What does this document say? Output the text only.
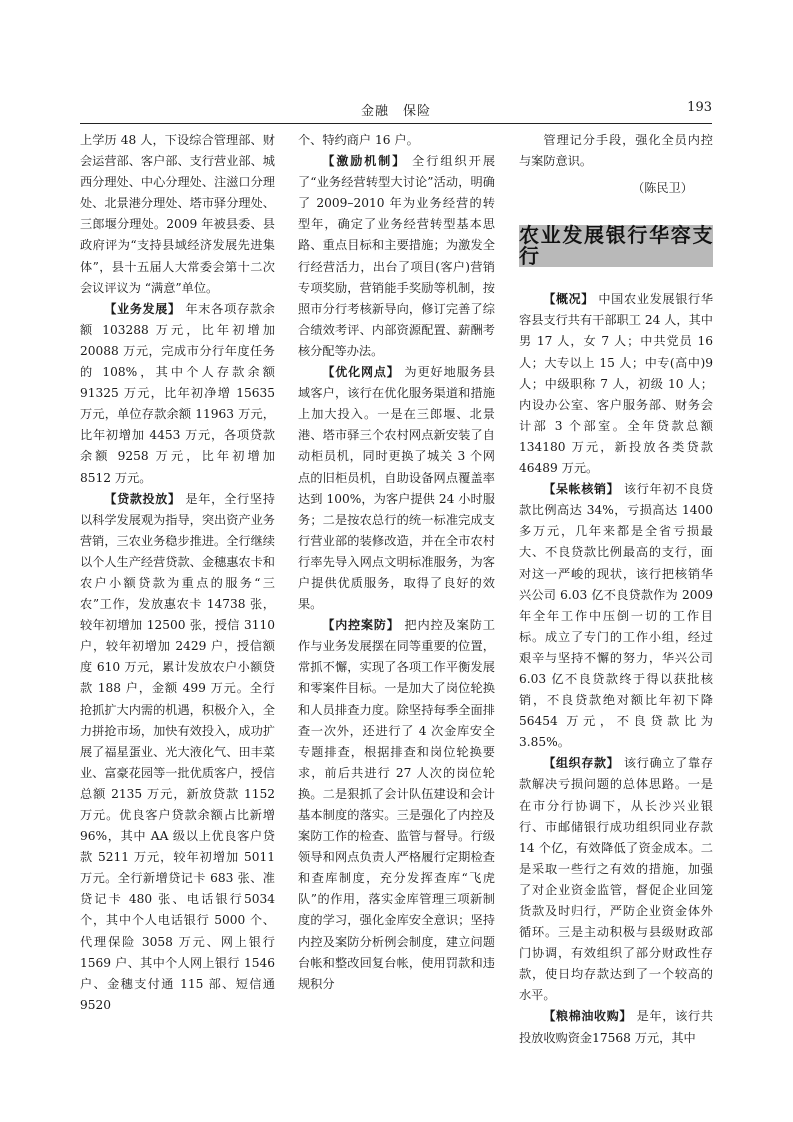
金融　保险	193

上学历 48 人，下设综合管理部、财会运营部、客户部、支行营业部、城西分理处、中心分理处、注滋口分理处、北景港分理处、塔市驿分理处、三郎堰分理处。2009 年被县委、县政府评为“支持县域经济发展先进集体”，县十五届人大常委会第十二次会议评议为 “满意”单位。

【业务发展】 年末各项存款余额 103288 万元，比年初增加 20088 万元，完成市分行年度任务的 108%，其中个人存款余额 91325 万元，比年初净增 15635 万元，单位存款余额 11963 万元，比年初增加 4453 万元，各项贷款余额 9258 万元，比年初增加 8512 万元。

【贷款投放】 是年，全行坚持以科学发展观为指导，突出资产业务营销，三农业务稳步推进。全行继续以个人生产经营贷款、金穗惠农卡和农户小额贷款为重点的服务“三农”工作，发放惠农卡 14738 张，较年初增加 12500 张，授信 3110 户，较年初增加 2429 户，授信额度 610 万元，累计发放农户小额贷款 188 户，金额 499 万元。全行抢抓扩大内需的机遇，积极介入，全力拼抢市场，加快有效投入，成功扩展了福星蛋业、光大液化气、田丰菜业、富豪花园等一批优质客户，授信总额 2135 万元，新放贷款 1152 万元。优良客户贷款余额占比新增 96%，其中 AA 级以上优良客户贷款 5211 万元，较年初增加 5011 万元。全行新增贷记卡 683 张、准贷记卡 480 张、电话银行5034 个，其中个人电话银行 5000 个、代理保险 3058 万元、网上银行 1569 户、其中个人网上银行 1546 户、金穗支付通 115 部、短信通 9520

个、特约商户 16 户。

【激励机制】 全行组织开展了“业务经营转型大讨论”活动，明确了 2009–2010 年为业务经营的转型年，确定了业务经营转型基本思路、重点目标和主要措施；为激发全行经营活力，出台了项目(客户)营销专项奖励，营销能手奖励等机制，按照市分行考核新导向，修订完善了综合绩效考评、内部资源配置、薪酬考核分配等办法。

【优化网点】 为更好地服务县域客户，该行在优化服务渠道和措施上加大投入。一是在三郎堰、北景港、塔市驿三个农村网点新安装了自动柜员机，同时更换了城关 3 个网点的旧柜员机，自助设备网点覆盖率达到 100%，为客户提供 24 小时服务；二是按农总行的统一标准完成支行营业部的装修改造，并在全市农村行率先导入网点文明标准服务，为客户提供优质服务，取得了良好的效果。

【内控案防】 把内控及案防工作与业务发展摆在同等重要的位置，常抓不懈，实现了各项工作平衡发展和零案件目标。一是加大了岗位轮换和人员排查力度。除坚持每季全面排查一次外，还进行了 4 次金库安全专题排查，根据排查和岗位轮换要求，前后共进行 27 人次的岗位轮换。二是狠抓了会计队伍建设和会计基本制度的落实。三是强化了内控及案防工作的检查、监管与督导。行级领导和网点负责人严格履行定期检查和查库制度，充分发挥查库“飞虎队”的作用，落实金库管理三项新制度的学习，强化金库安全意识；坚持内控及案防分析例会制度，建立问题台帐和整改回复台帐，使用罚款和违规积分

管理记分手段，强化全员内控与案防意识。

（陈民卫）
农业发展银行华容支行

【概况】 中国农业发展银行华容县支行共有干部职工 24 人，其中男 17 人，女 7 人；中共党员 16 人；大专以上 15 人；中专(高中)9 人；中级职称 7 人，初级 10 人；内设办公室、客户服务部、财务会计部 3 个部室。全年贷款总额 134180 万元，新投放各类贷款 46489 万元。

【呆帐核销】 该行年初不良贷款比例高达 34%，亏损高达 1400 多万元，几年来都是全省亏损最大、不良贷款比例最高的支行，面对这一严峻的现状，该行把核销华兴公司 6.03 亿不良贷款作为 2009 年全年工作中压倒一切的工作目标。成立了专门的工作小组，经过艰辛与坚持不懈的努力，华兴公司 6.03 亿不良贷款终于得以获批核销，不良贷款绝对额比年初下降 56454 万元，不良贷款比为 3.85%。

【组织存款】 该行确立了靠存款解决亏损问题的总体思路。一是在市分行协调下，从长沙兴业银行、市邮储银行成功组织同业存款 14 个亿，有效降低了资金成本。二是采取一些行之有效的措施，加强了对企业资金监管，督促企业回笼货款及时归行，严防企业资金体外循环。三是主动积极与县级财政部门协调，有效组织了部分财政性存款，使日均存款达到了一个较高的水平。

【粮棉油收购】 是年，该行共投放收购资金17568 万元，其中
